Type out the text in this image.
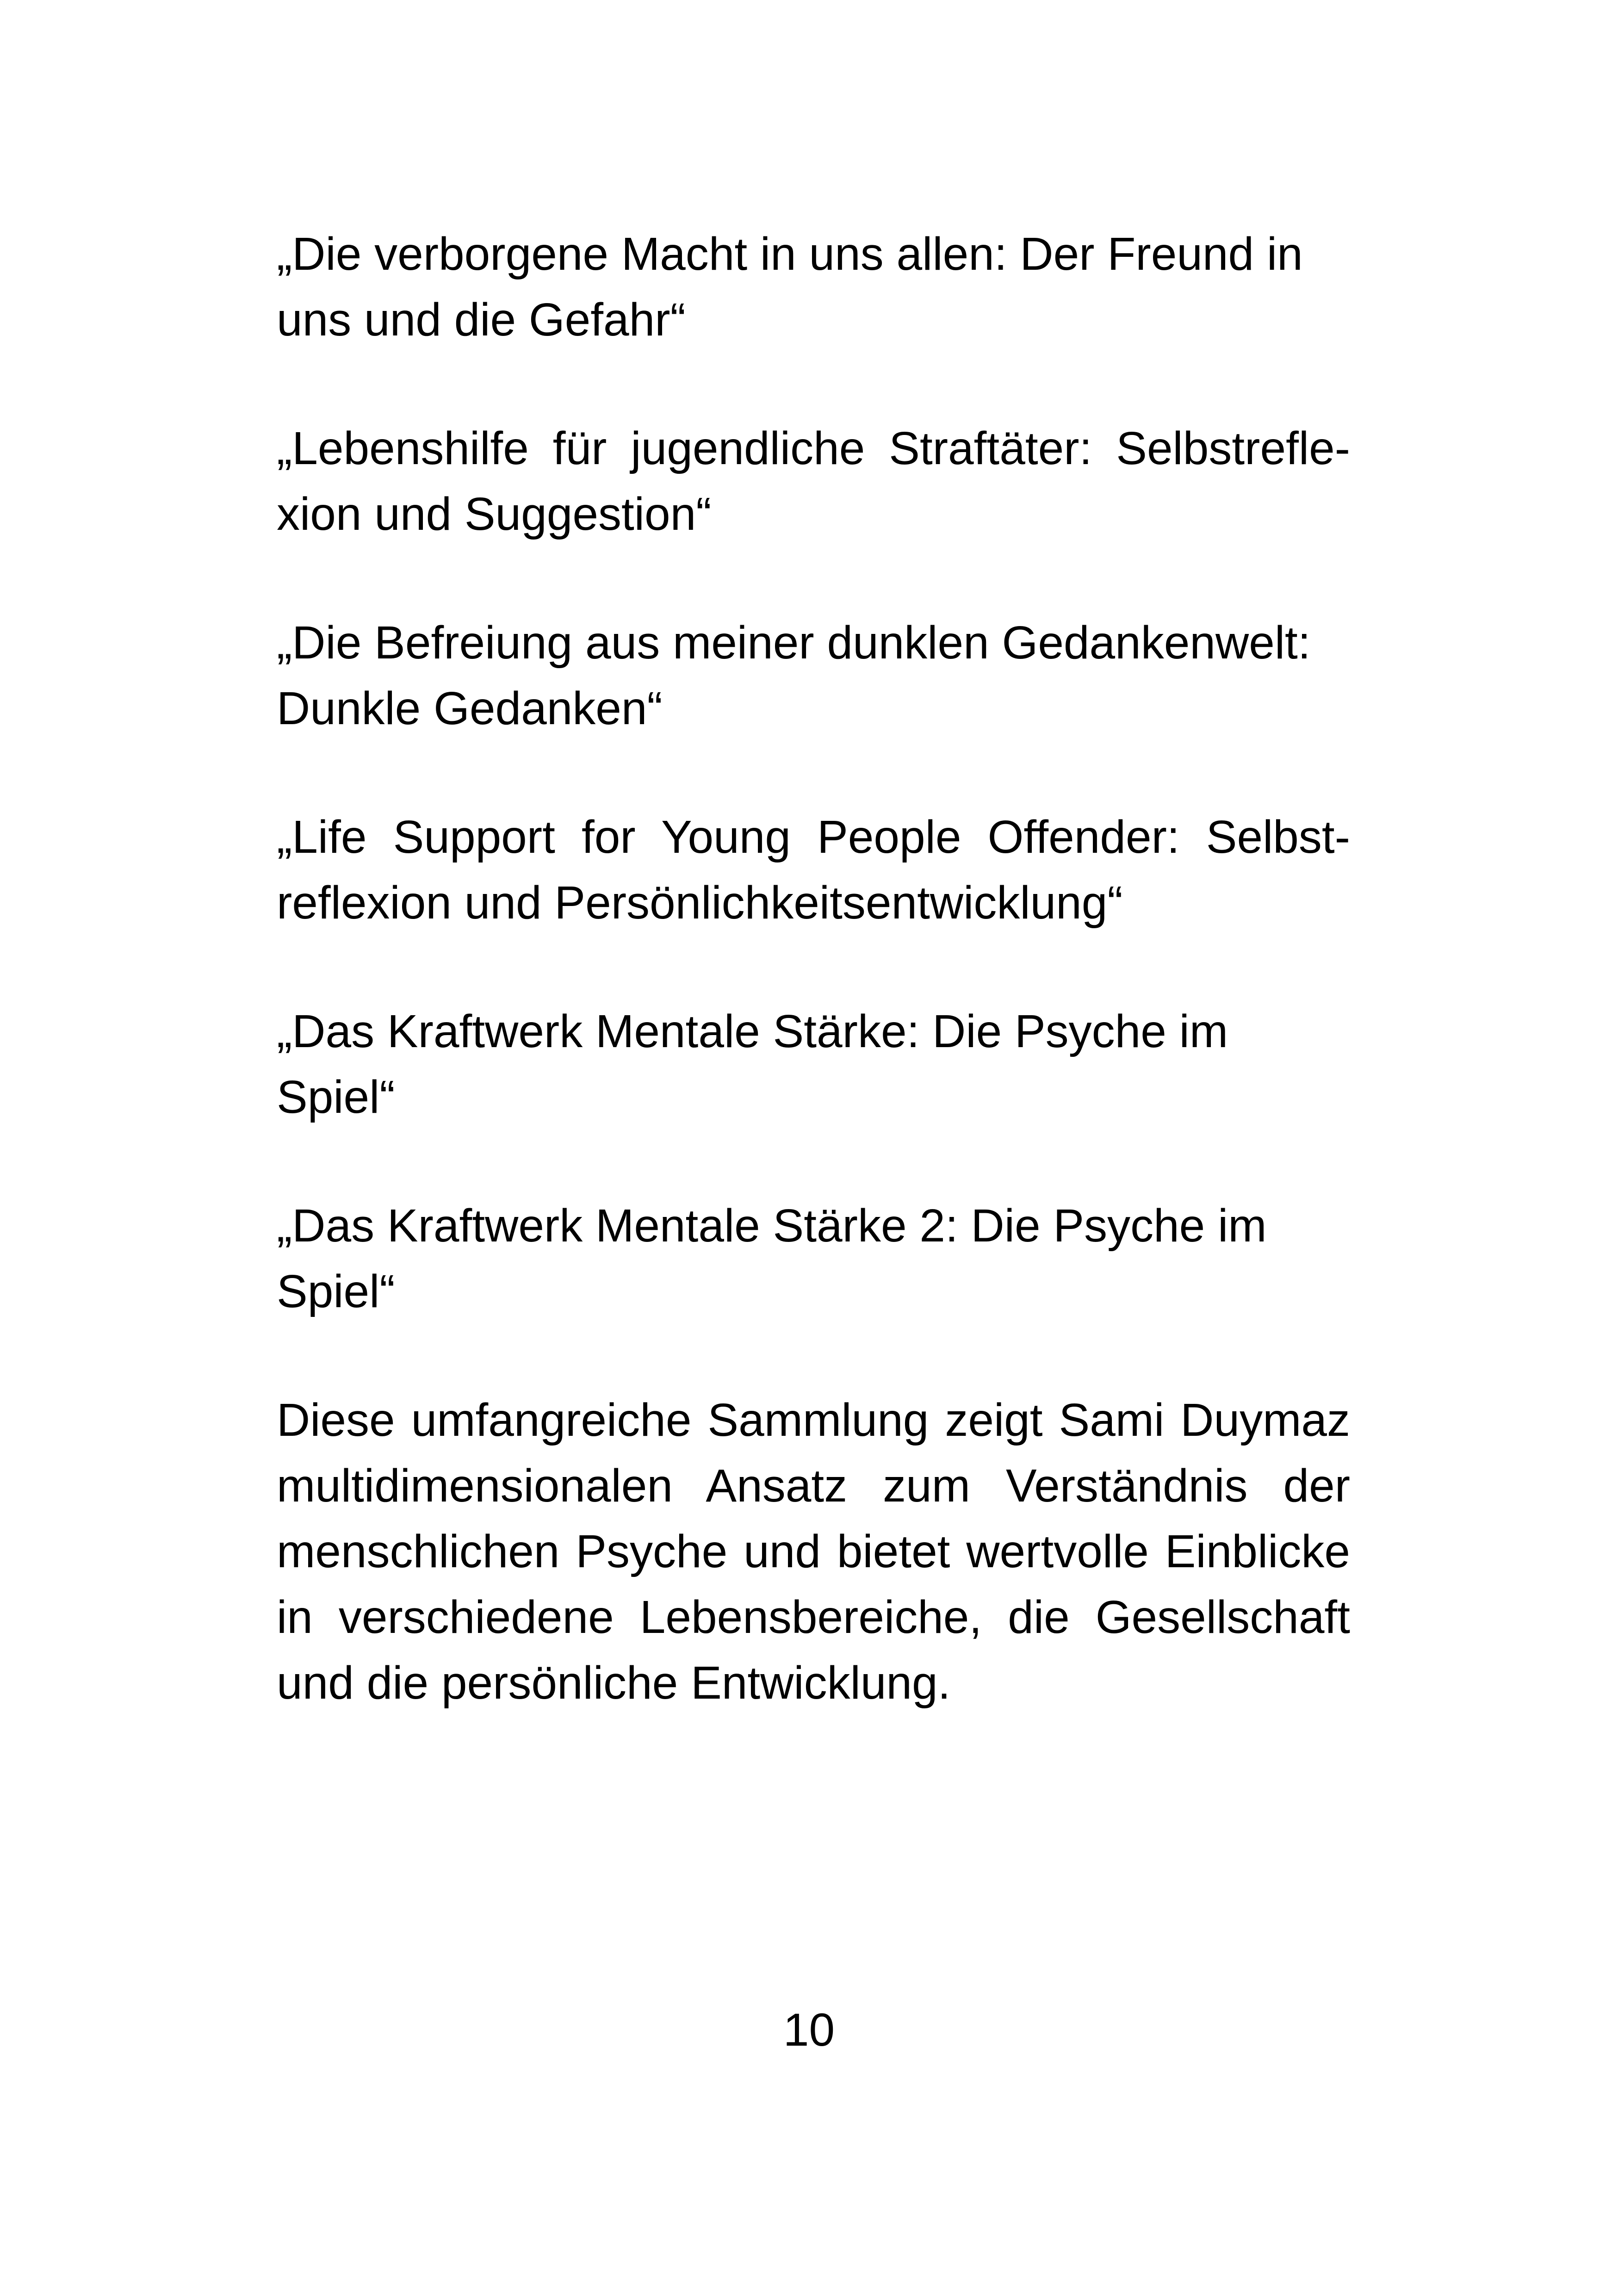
„Die verborgene Macht in uns allen: Der Freund in
uns und die Gefahr“
„Lebenshilfe für jugendliche Straftäter: Selbstrefle-
xion und Suggestion“
„Die Befreiung aus meiner dunklen Gedankenwelt:
Dunkle Gedanken“
„Life Support for Young People Offender: Selbst-
reflexion und Persönlichkeitsentwicklung“
„Das Kraftwerk Mentale Stärke: Die Psyche im
Spiel“
„Das Kraftwerk Mentale Stärke 2: Die Psyche im
Spiel“
Diese umfangreiche Sammlung zeigt Sami Duymaz
multidimensionalen Ansatz zum Verständnis der
menschlichen Psyche und bietet wertvolle Einblicke
in verschiedene Lebensbereiche, die Gesellschaft
und die persönliche Entwicklung.
10
